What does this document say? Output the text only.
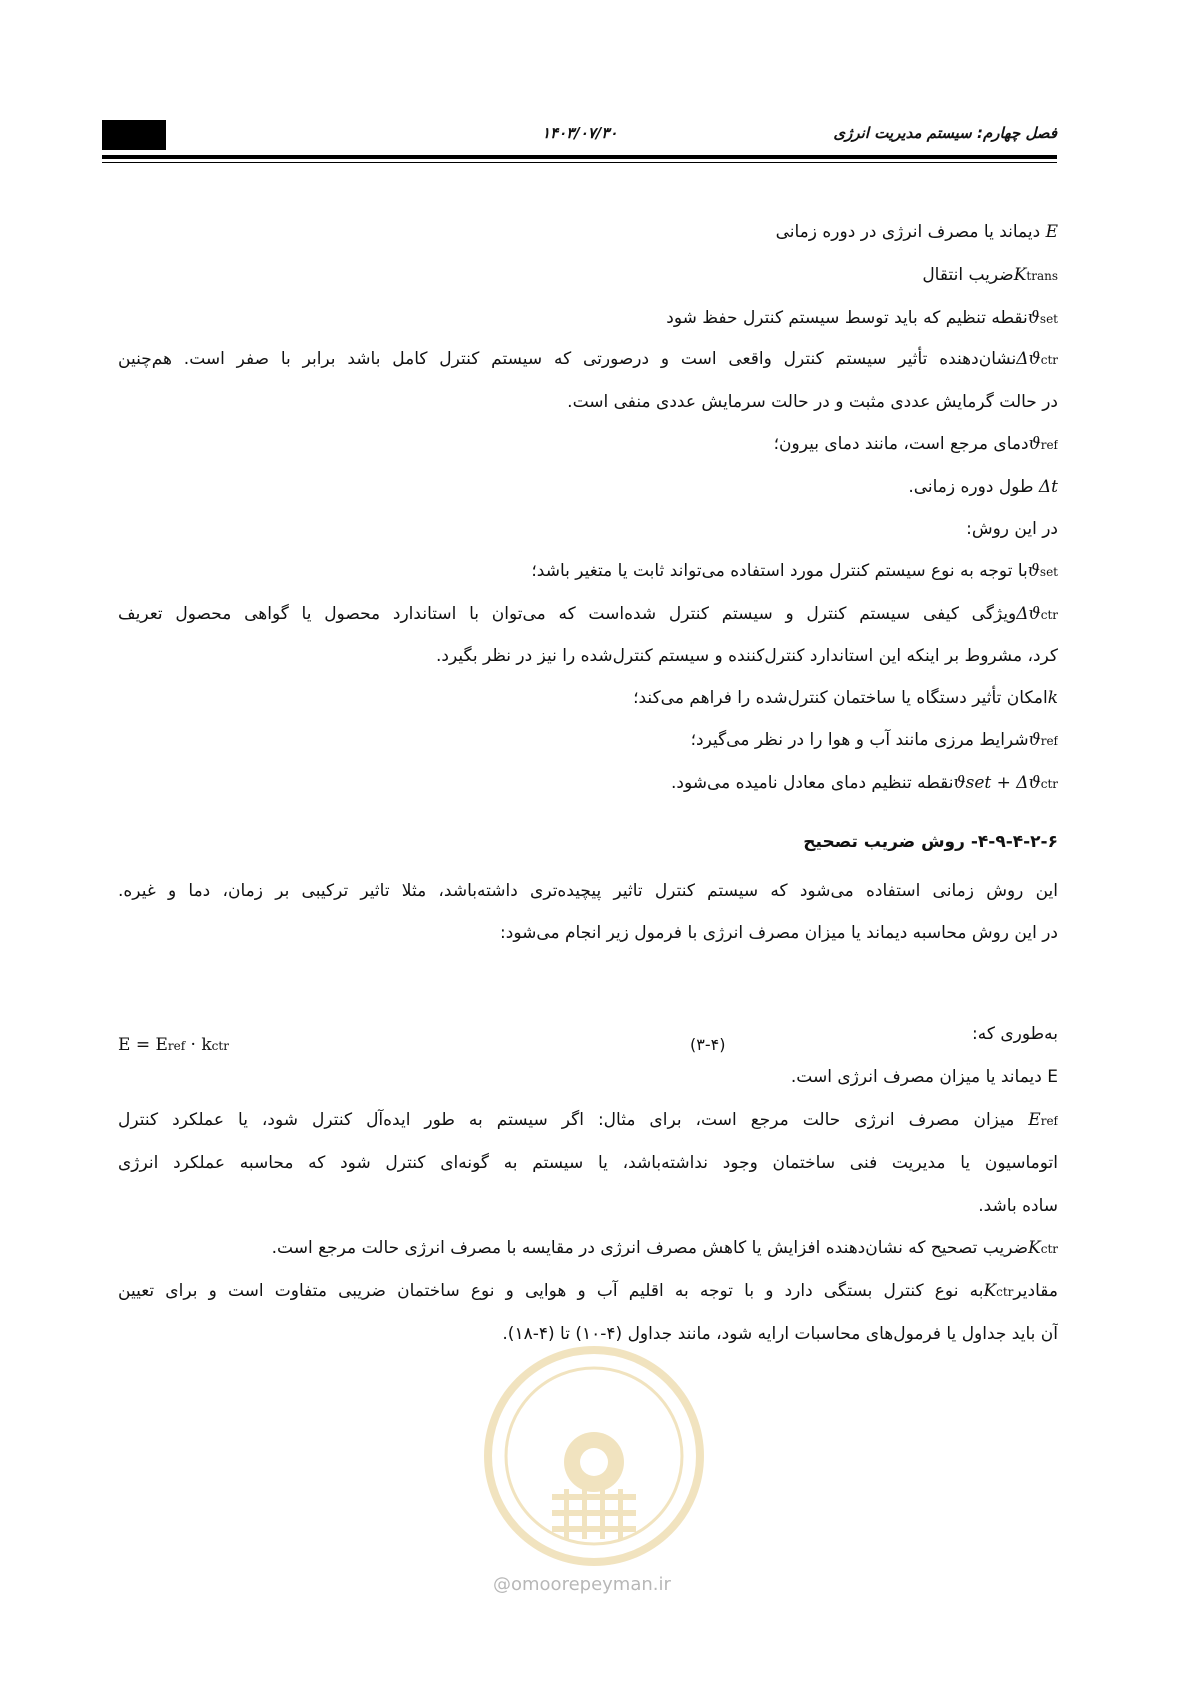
۱۴۰۳/۰۷/۳۰	فصل چهارم: سیستم مدیریت انرژی
E دیماند یا مصرف انرژی در دوره زمانی
Ktransضریب انتقال
ϑsetنقطه تنظیم که باید توسط سیستم کنترل حفظ شود
Δϑctrنشان‌دهنده تأثیر سیستم کنترل واقعی است و درصورتی که سیستم کنترل کامل باشد برابر با صفر است. هم‌چنین
در حالت گرمایش عددی مثبت و در حالت سرمایش عددی منفی است.
ϑrefدمای مرجع است، مانند دمای بیرون؛
Δt طول دوره زمانی.
در این روش:
ϑsetبا توجه به نوع سیستم کنترل مورد استفاده می‌تواند ثابت یا متغیر باشد؛
Δϑctrویژگی کیفی سیستم کنترل و سیستم کنترل شده‌است که می‌توان با استاندارد محصول یا گواهی محصول تعریف
کرد، مشروط بر اینکه این استاندارد کنترل‌کننده و سیستم کنترل‌شده را نیز در نظر بگیرد.
kامکان تأثیر دستگاه یا ساختمان کنترل‌شده را فراهم می‌کند؛
ϑrefشرایط مرزی مانند آب و هوا را در نظر می‌گیرد؛
ϑset + Δϑctrنقطه تنظیم دمای معادل نامیده می‌شود.
۴-۹-۴-۲-۶- روش ضریب تصحیح
این روش زمانی استفاده می‌شود که سیستم کنترل تاثیر پیچیده‌تری داشته‌باشد، مثلا تاثیر ترکیبی بر زمان، دما و غیره.
در این روش محاسبه دیماند یا میزان مصرف انرژی با فرمول زیر انجام می‌شود:
به‌طوری که:
E دیماند یا میزان مصرف انرژی است.
Eref میزان مصرف انرژی حالت مرجع است، برای مثال: اگر سیستم به طور ایده‌آل کنترل شود، یا عملکرد کنترل
اتوماسیون یا مدیریت فنی ساختمان وجود نداشته‌باشد، یا سیستم به گونه‌ای کنترل شود که محاسبه عملکرد انرژی
ساده باشد.
Kctrضریب تصحیح که نشان‌دهنده افزایش یا کاهش مصرف انرژی در مقایسه با مصرف انرژی حالت مرجع است.
مقادیرKctrبه نوع کنترل بستگی دارد و با توجه به اقلیم آب و هوایی و نوع ساختمان ضریبی متفاوت است و برای تعیین
آن باید جداول یا فرمول‌های محاسبات ارایه شود، مانند جداول (۴-۱۰) تا (۴-۱۸).
E = Eref · kctr	(۳-۴)
@omoorepeyman.ir
